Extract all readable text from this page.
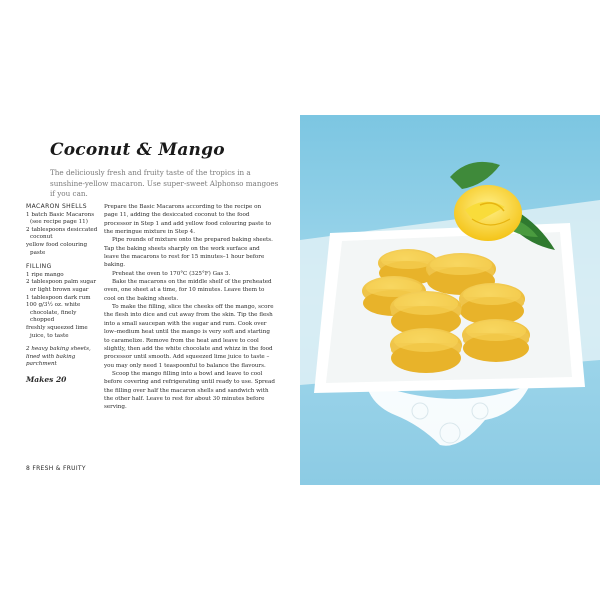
Coconut & Mango
The deliciously fresh and fruity taste of the tropics in a sunshine-yellow macaron. Use super-sweet Alphonso mangoes if you can.
MACARON SHELLS
1 batch Basic Macarons
(see recipe page 11)
2 tablespoons desiccated
coconut
yellow food colouring
paste
FILLING
1 ripe mango
2 tablespoon palm sugar
or light brown sugar
1 tablespoon dark rum
100 g/3½ oz. white
chocolate, finely
chopped
freshly squeezed lime
juice, to taste
2 heavy baking sheets,
lined with baking
parchment
Makes 20

Prepare the Basic Macarons according to the recipe on page 11, adding the desiccated coconut to the food processor in Step 1 and add yellow food colouring paste to the meringue mixture in Step 4.

Pipe rounds of mixture onto the prepared baking sheets. Tap the baking sheets sharply on the work surface and leave the macarons to rest for 15 minutes–1 hour before baking.

Preheat the oven to 170°C (325°F) Gas 3.

Bake the macarons on the middle shelf of the preheated oven, one sheet at a time, for 10 minutes. Leave them to cool on the baking sheets.

To make the filling, slice the cheeks off the mango, score the flesh into dice and cut away from the skin. Tip the flesh into a small saucepan with the sugar and rum. Cook over low–medium heat until the mango is very soft and starting to caramelize. Remove from the heat and leave to cool slightly, then add the white chocolate and whizz in the food processor until smooth. Add squeezed lime juice to taste – you may only need 1 teaspoonful to balance the flavours.

Scoop the mango filling into a bowl and leave to cool before covering and refrigerating until ready to use. Spread the filling over half the macaron shells and sandwich with the other half. Leave to rest for about 30 minutes before serving.

8 FRESH & FRUITY
